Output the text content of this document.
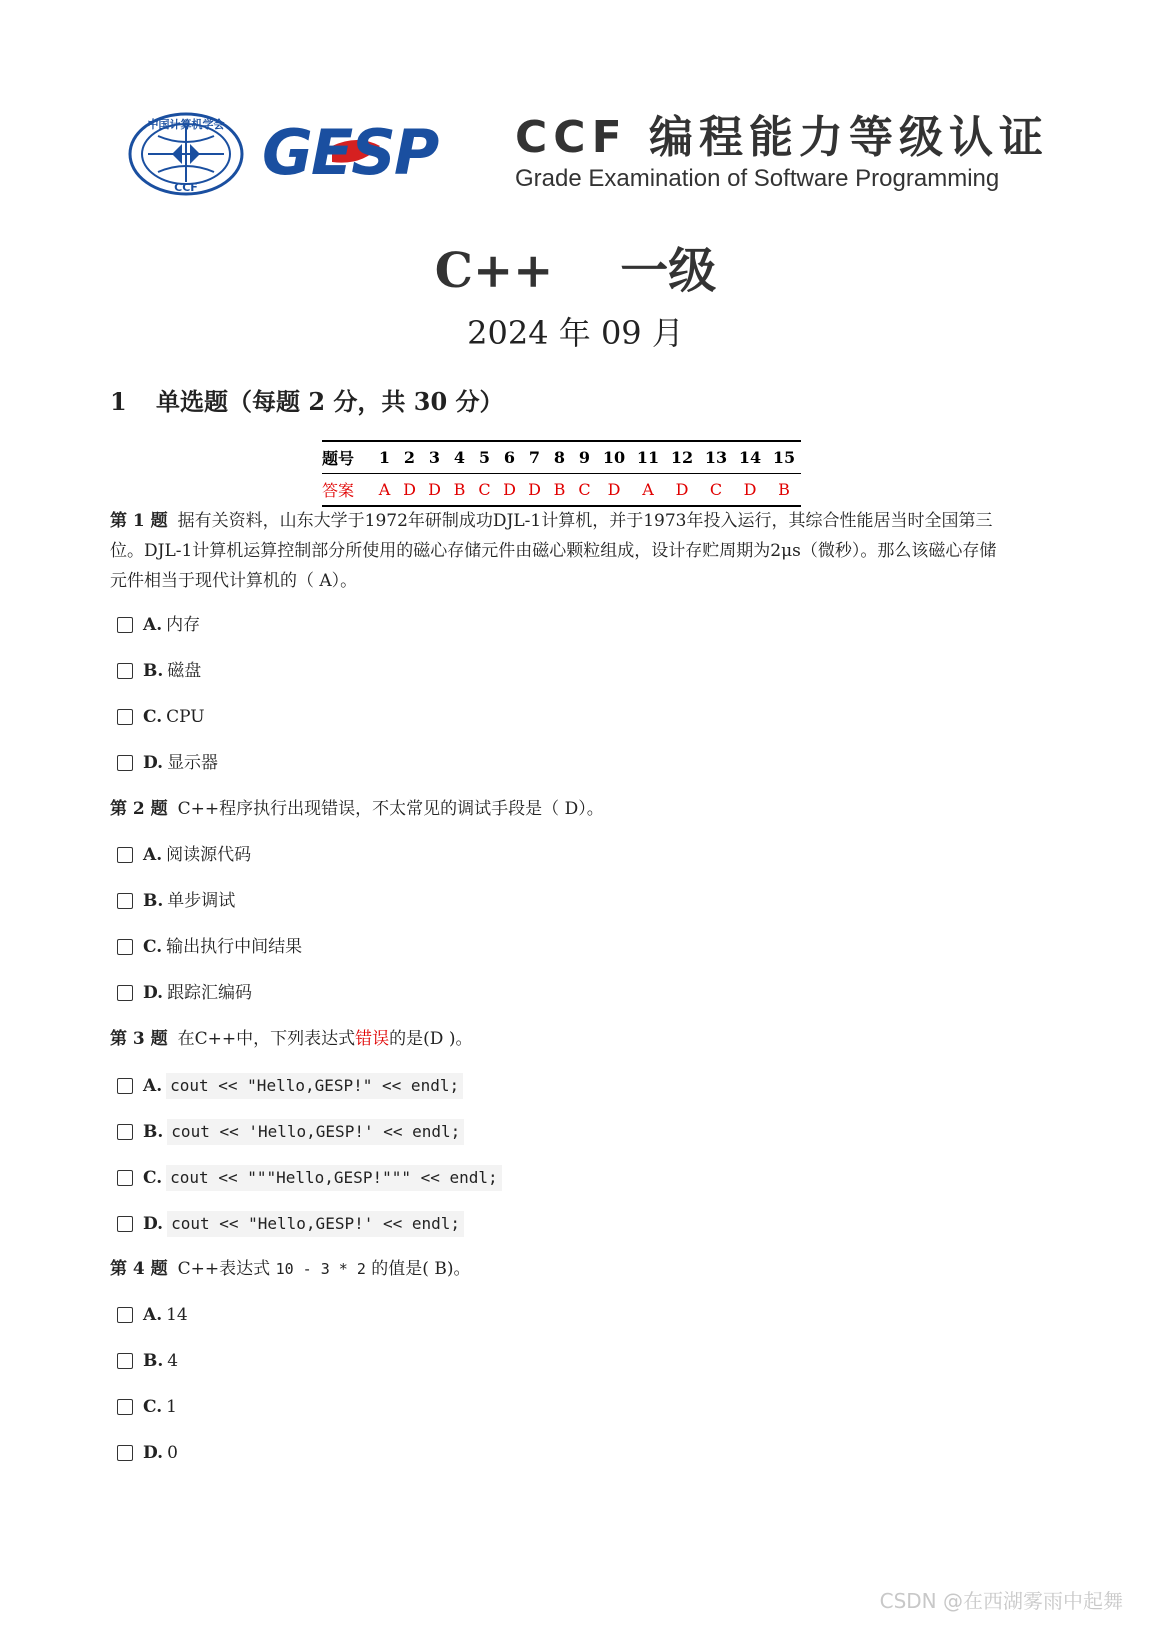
中国计算机学会
CCF GESP CCF 编程能力等级认证
Grade Examination of Software Programming
C++    一级
2024 年 09 月
1 单选题（每题 2 分，共 30 分）
题号	1	2	3	4	5	6	7	8	9	10	11	12	13	14	15
答案	A	D	D	B	C	D	D	B	C	D	A	D	C	D	B
第 1 题 据有关资料，山东大学于1972年研制成功DJL-1计算机，并于1973年投入运行，其综合性能居当时全国第三位。DJL-1计算机运算控制部分所使用的磁心存储元件由磁心颗粒组成，设计存贮周期为2μs（微秒）。那么该磁心存储元件相当于现代计算机的（ A）。
A. 内存
B. 磁盘
C. CPU
D. 显示器
第 2 题 C++程序执行出现错误，不太常见的调试手段是（ D）。
A. 阅读源代码
B. 单步调试
C. 输出执行中间结果
D. 跟踪汇编码
第 3 题 在C++中，下列表达式错误的是(D )。
A. cout << "Hello,GESP!" << endl;
B. cout << 'Hello,GESP!' << endl;
C. cout << """Hello,GESP!""" << endl;
D. cout << "Hello,GESP!' << endl;
第 4 题 C++表达式 10 - 3 * 2 的值是( B)。
A. 14
B. 4
C. 1
D. 0
CSDN @在西湖雾雨中起舞
